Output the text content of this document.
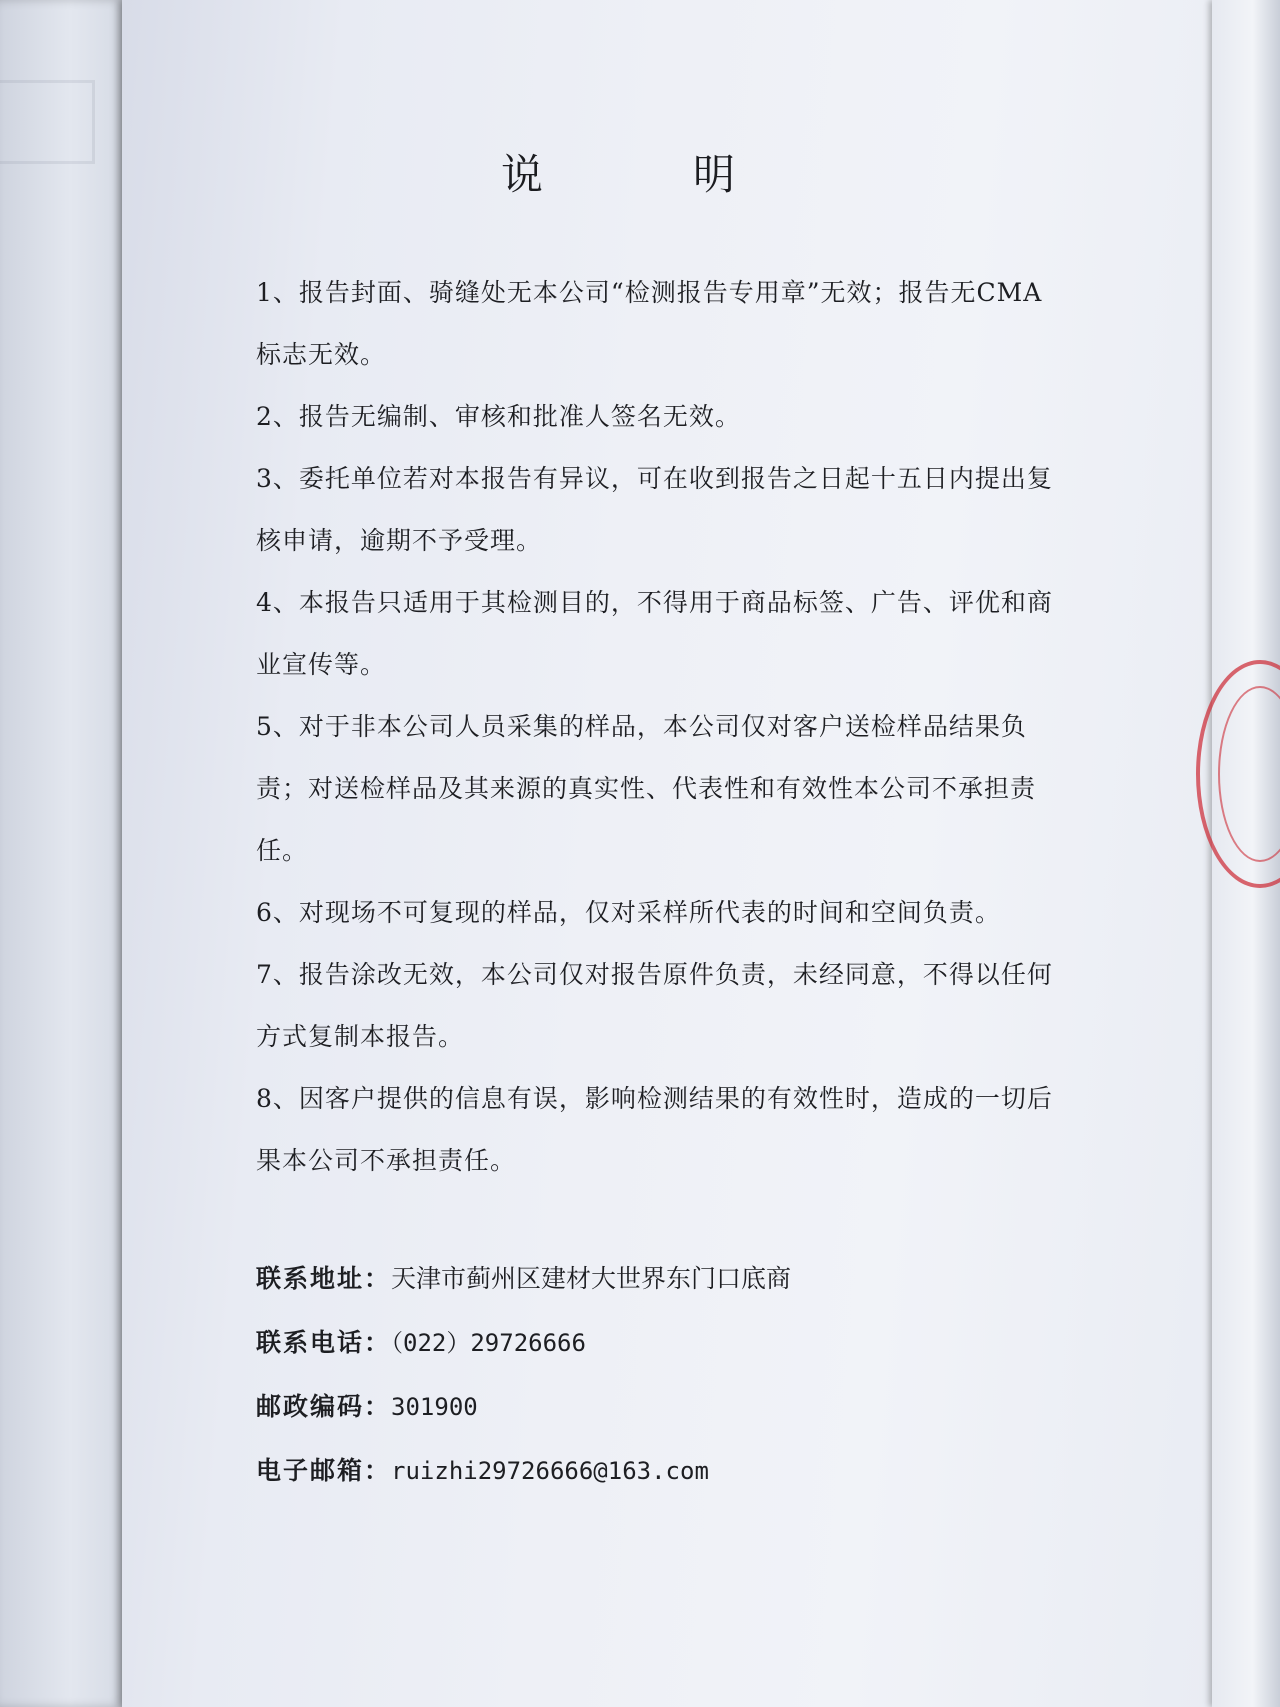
说　明
1、报告封面、骑缝处无本公司“检测报告专用章”无效；报告无CMA 标志无效。
2、报告无编制、审核和批准人签名无效。
3、委托单位若对本报告有异议，可在收到报告之日起十五日内提出复核申请，逾期不予受理。
4、本报告只适用于其检测目的，不得用于商品标签、广告、评优和商业宣传等。
5、对于非本公司人员采集的样品，本公司仅对客户送检样品结果负责；对送检样品及其来源的真实性、代表性和有效性本公司不承担责任。
6、对现场不可复现的样品，仅对采样所代表的时间和空间负责。
7、报告涂改无效，本公司仅对报告原件负责，未经同意，不得以任何方式复制本报告。
8、因客户提供的信息有误，影响检测结果的有效性时，造成的一切后果本公司不承担责任。
联系地址：天津市蓟州区建材大世界东门口底商
联系电话：（022）29726666
邮政编码：301900
电子邮箱：ruizhi29726666@163.com
